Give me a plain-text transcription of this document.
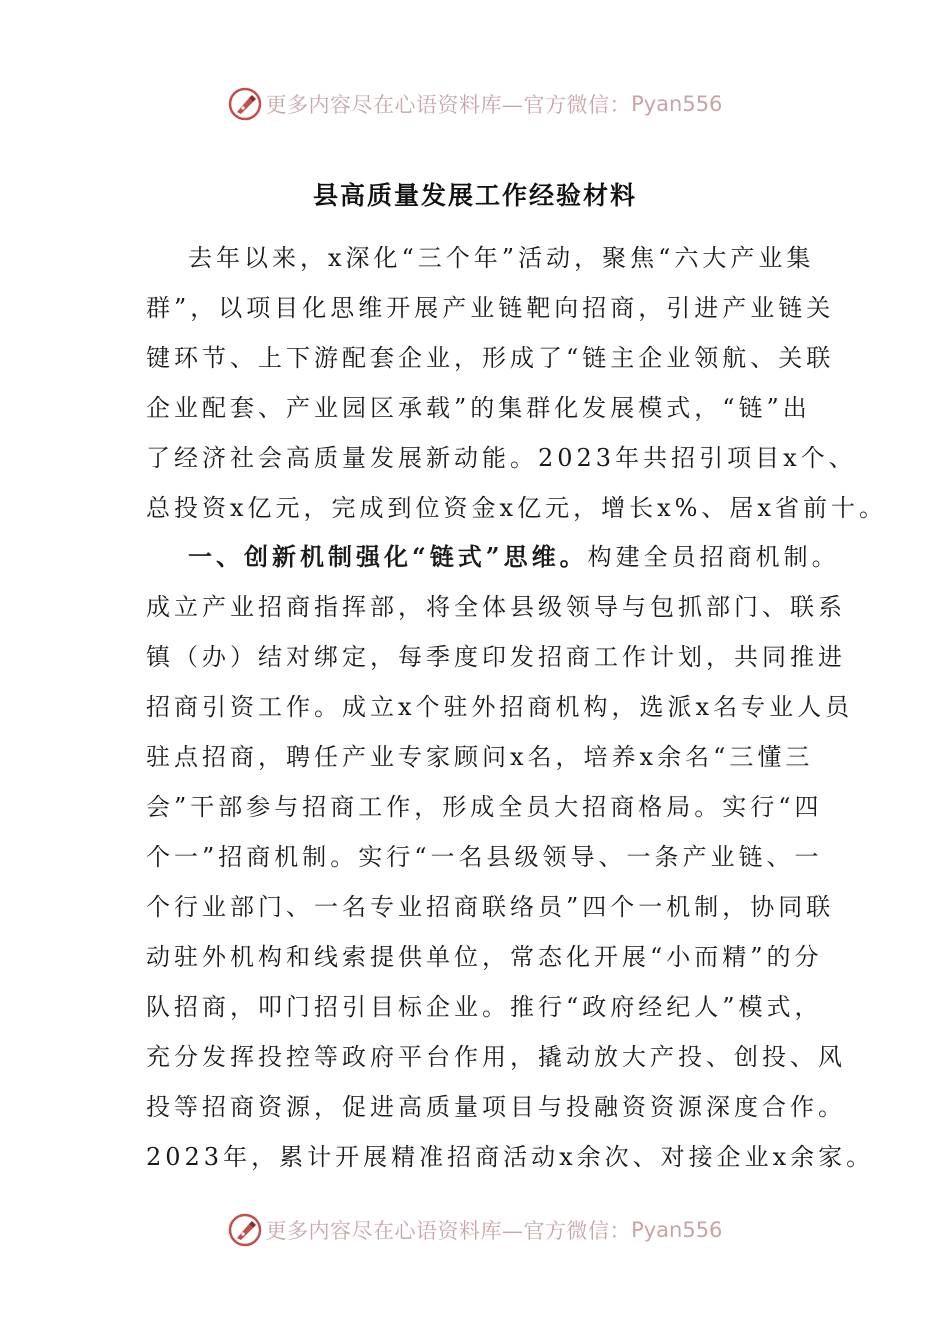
更多内容尽在心语资料库—官方微信： Pyan556
县高质量发展工作经验材料
去年以来，x深化“三个年”活动，聚焦“六大产业集
群”，以项目化思维开展产业链靶向招商，引进产业链关
键环节、上下游配套企业，形成了“链主企业领航、关联
企业配套、产业园区承载”的集群化发展模式，“链”出
了经济社会高质量发展新动能。2023年共招引项目x个、
总投资x亿元，完成到位资金x亿元，增长x%、居x省前十。
一、创新机制强化“链式”思维。构建全员招商机制。
成立产业招商指挥部，将全体县级领导与包抓部门、联系
镇（办）结对绑定，每季度印发招商工作计划，共同推进
招商引资工作。成立x个驻外招商机构，选派x名专业人员
驻点招商，聘任产业专家顾问x名，培养x余名“三懂三
会”干部参与招商工作，形成全员大招商格局。实行“四
个一”招商机制。实行“一名县级领导、一条产业链、一
个行业部门、一名专业招商联络员”四个一机制，协同联
动驻外机构和线索提供单位，常态化开展“小而精”的分
队招商，叩门招引目标企业。推行“政府经纪人”模式，
充分发挥投控等政府平台作用，撬动放大产投、创投、风
投等招商资源，促进高质量项目与投融资资源深度合作。
2023年，累计开展精准招商活动x余次、对接企业x余家。
更多内容尽在心语资料库—官方微信： Pyan556
